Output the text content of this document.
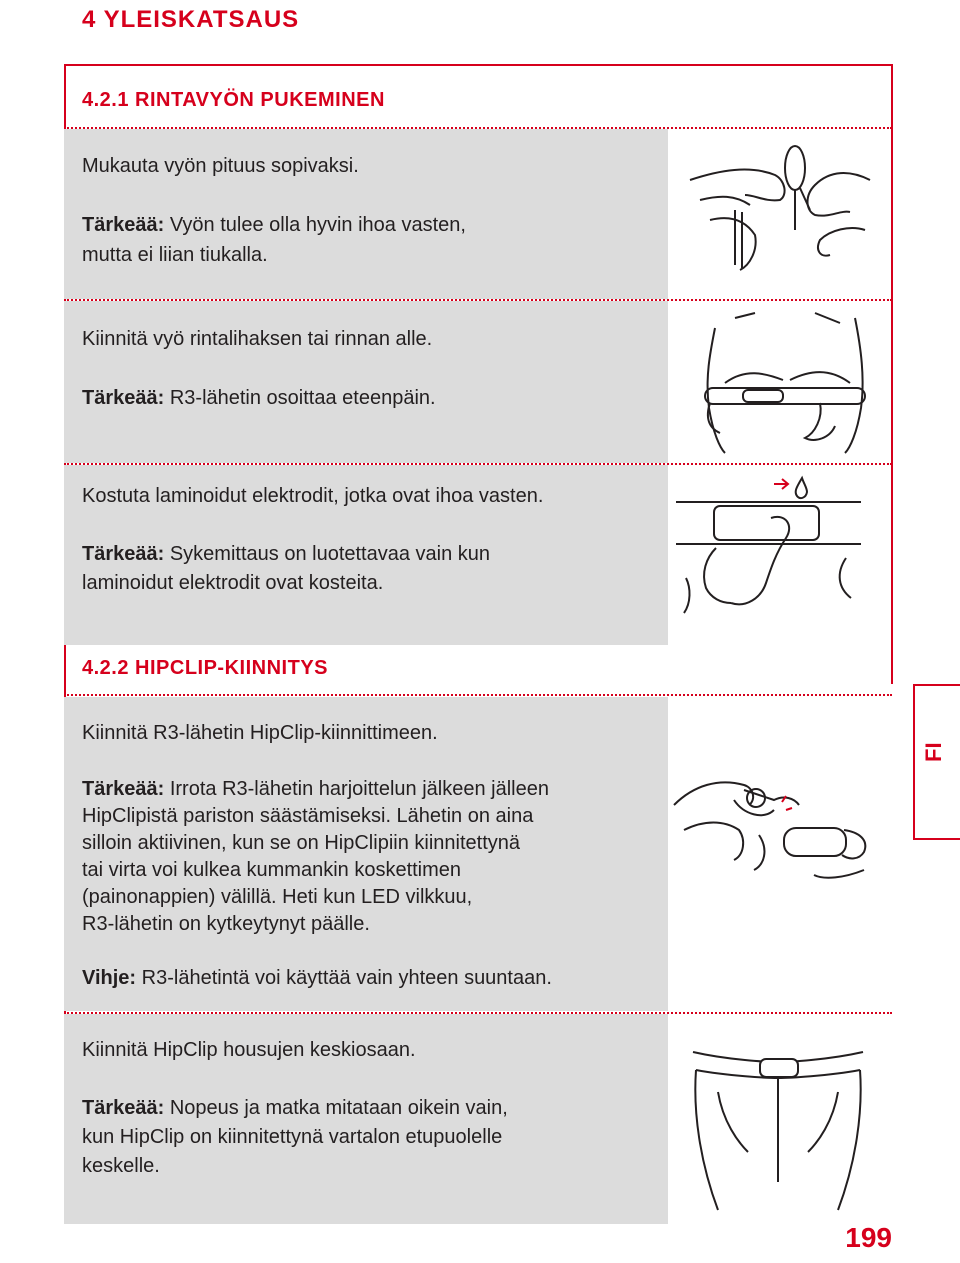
4 YLEISKATSAUS
4.2.1 RINTAVYÖN PUKEMINEN
Mukauta vyön pituus sopivaksi.
Tärkeää: Vyön tulee olla hyvin ihoa vasten,
mutta ei liian tiukalla.
Kiinnitä vyö rintalihaksen tai rinnan alle.
Tärkeää: R3-lähetin osoittaa eteenpäin.
Kostuta laminoidut elektrodit, jotka ovat ihoa vasten.
Tärkeää: Sykemittaus on luotettavaa vain kun
laminoidut elektrodit ovat kosteita.
4.2.2 HIPCLIP-KIINNITYS
Kiinnitä R3-lähetin HipClip-kiinnittimeen.
Tärkeää: Irrota R3-lähetin harjoittelun jälkeen jälleen
HipClipistä pariston säästämiseksi. Lähetin on aina
silloin aktiivinen, kun se on HipClipiin kiinnitettynä
tai virta voi kulkea kummankin koskettimen
(painonappien) välillä. Heti kun LED vilkkuu,
R3-lähetin on kytkeytynyt päälle.
Vihje: R3-lähetintä voi käyttää vain yhteen suuntaan.
Kiinnitä HipClip housujen keskiosaan.
Tärkeää: Nopeus ja matka mitataan oikein vain,
kun HipClip on kiinnitettynä vartalon etupuolelle
keskelle.
FI
199
